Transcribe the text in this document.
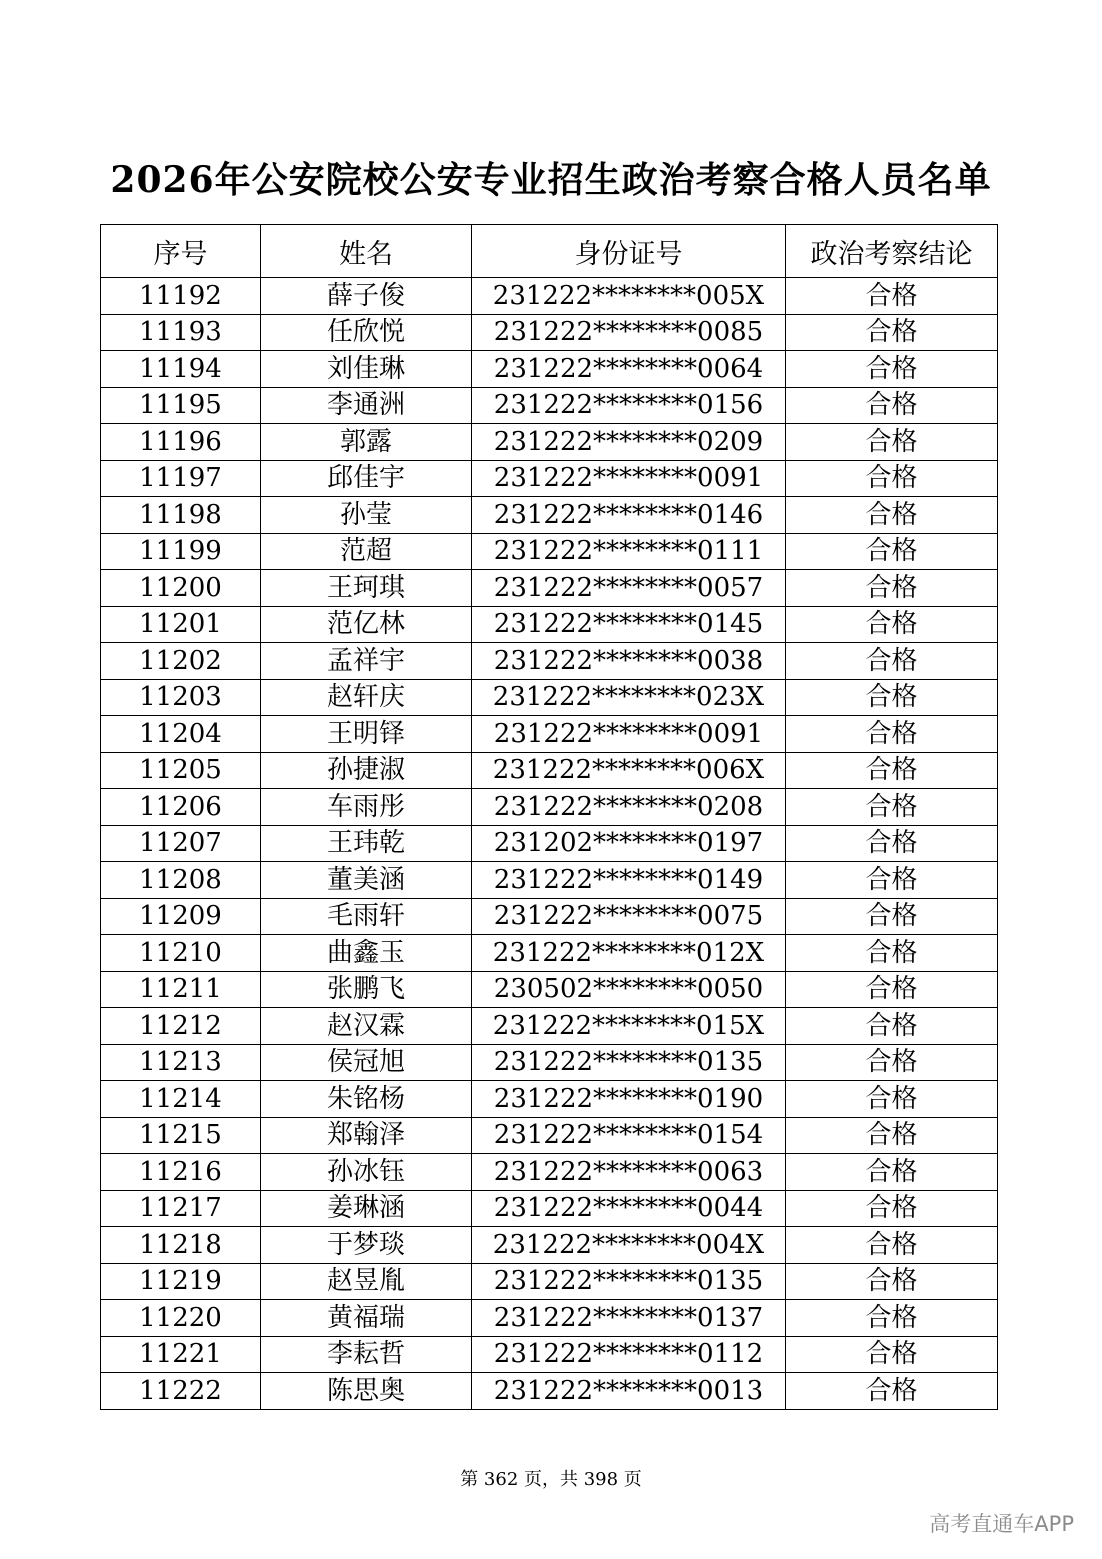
2026年公安院校公安专业招生政治考察合格人员名单
序号	姓名	身份证号	政治考察结论
11192	薛子俊	231222********005X	合格
11193	任欣悦	231222********0085	合格
11194	刘佳琳	231222********0064	合格
11195	李通洲	231222********0156	合格
11196	郭露	231222********0209	合格
11197	邱佳宇	231222********0091	合格
11198	孙莹	231222********0146	合格
11199	范超	231222********0111	合格
11200	王珂琪	231222********0057	合格
11201	范亿林	231222********0145	合格
11202	孟祥宇	231222********0038	合格
11203	赵轩庆	231222********023X	合格
11204	王明铎	231222********0091	合格
11205	孙捷淑	231222********006X	合格
11206	车雨彤	231222********0208	合格
11207	王玮乾	231202********0197	合格
11208	董美涵	231222********0149	合格
11209	毛雨轩	231222********0075	合格
11210	曲鑫玉	231222********012X	合格
11211	张鹏飞	230502********0050	合格
11212	赵汉霖	231222********015X	合格
11213	侯冠旭	231222********0135	合格
11214	朱铭杨	231222********0190	合格
11215	郑翰泽	231222********0154	合格
11216	孙冰钰	231222********0063	合格
11217	姜琳涵	231222********0044	合格
11218	于梦琰	231222********004X	合格
11219	赵昱胤	231222********0135	合格
11220	黄福瑞	231222********0137	合格
11221	李耘哲	231222********0112	合格
11222	陈思奥	231222********0013	合格
第 362 页，共 398 页
高考直通车APP
